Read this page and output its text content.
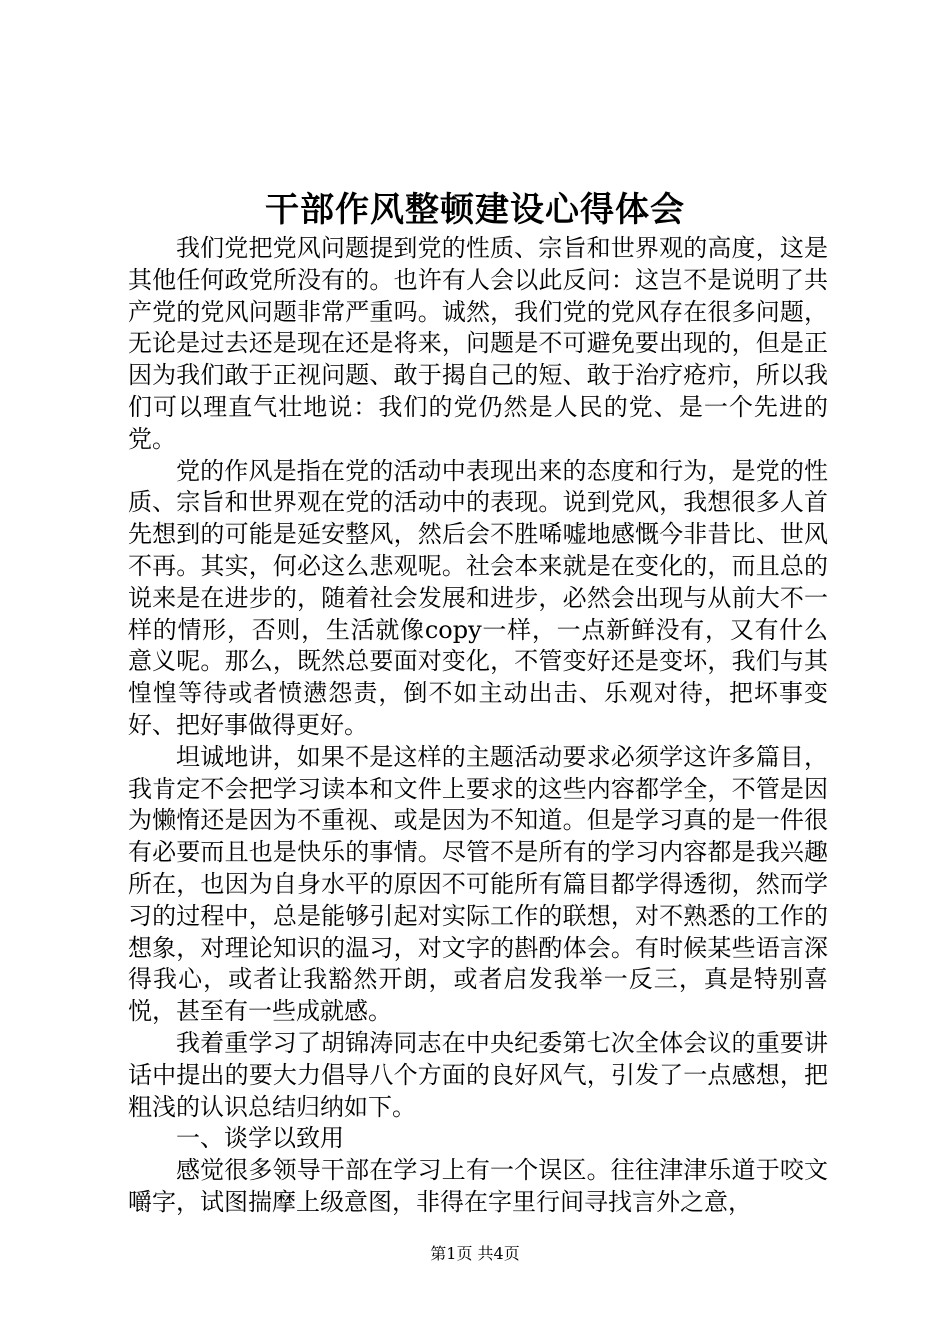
干部作风整顿建设心得体会

我们党把党风问题提到党的性质、宗旨和世界观的高度，这是其他任何政党所没有的。也许有人会以此反问：这岂不是说明了共产党的党风问题非常严重吗。诚然，我们党的党风存在很多问题，无论是过去还是现在还是将来，问题是不可避免要出现的，但是正因为我们敢于正视问题、敢于揭自己的短、敢于治疗疮疖，所以我们可以理直气壮地说：我们的党仍然是人民的党、是一个先进的党。

党的作风是指在党的活动中表现出来的态度和行为，是党的性质、宗旨和世界观在党的活动中的表现。说到党风，我想很多人首先想到的可能是延安整风，然后会不胜唏嘘地感慨今非昔比、世风不再。其实，何必这么悲观呢。社会本来就是在变化的，而且总的说来是在进步的，随着社会发展和进步，必然会出现与从前大不一样的情形，否则，生活就像copy一样，一点新鲜没有，又有什么意义呢。那么，既然总要面对变化，不管变好还是变坏，我们与其惶惶等待或者愤懑怨责，倒不如主动出击、乐观对待，把坏事变好、把好事做得更好。

坦诚地讲，如果不是这样的主题活动要求必须学这许多篇目，我肯定不会把学习读本和文件上要求的这些内容都学全，不管是因为懒惰还是因为不重视、或是因为不知道。但是学习真的是一件很有必要而且也是快乐的事情。尽管不是所有的学习内容都是我兴趣所在，也因为自身水平的原因不可能所有篇目都学得透彻，然而学习的过程中，总是能够引起对实际工作的联想，对不熟悉的工作的想象，对理论知识的温习，对文字的斟酌体会。有时候某些语言深得我心，或者让我豁然开朗，或者启发我举一反三，真是特别喜悦，甚至有一些成就感。

我着重学习了胡锦涛同志在中央纪委第七次全体会议的重要讲话中提出的要大力倡导八个方面的良好风气，引发了一点感想，把粗浅的认识总结归纳如下。

一、谈学以致用

感觉很多领导干部在学习上有一个误区。往往津津乐道于咬文嚼字，试图揣摩上级意图，非得在字里行间寻找言外之意，

第1页 共4页
